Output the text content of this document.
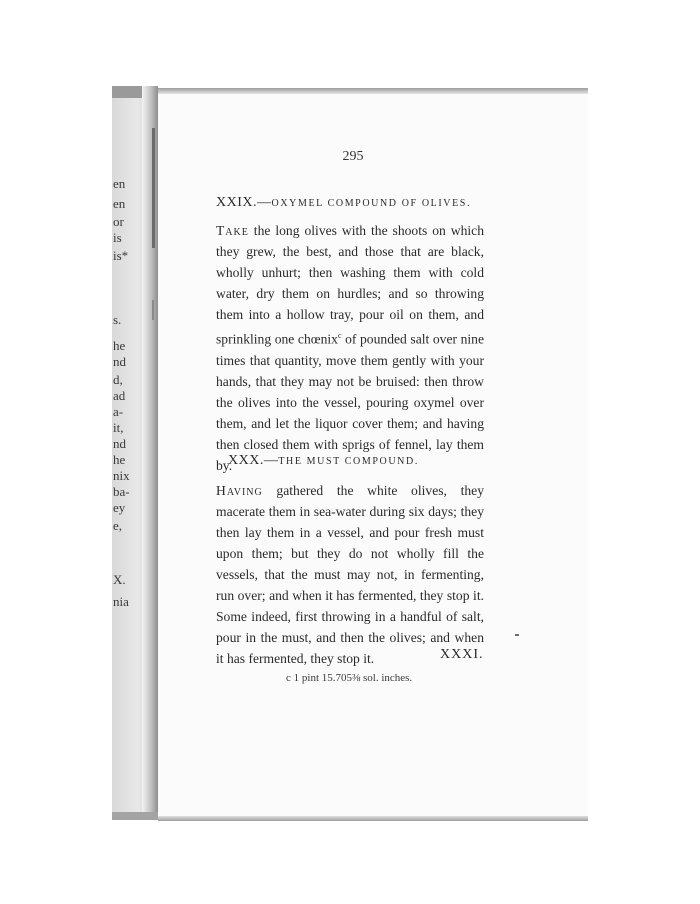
en
en
or
is
is*
s.
he
nd
d,
ad
a-
it,
nd
he
nix
ba-
ey
e,
X.
nia
295
XXIX.—OXYMEL COMPOUND OF OLIVES.
Take the long olives with the shoots on which they grew, the best, and those that are black, wholly unhurt; then washing them with cold water, dry them on hurdles; and so throwing them into a hollow tray, pour oil on them, and sprinkling one chœnix$^c$ of pounded salt over nine times that quantity, move them gently with your hands, that they may not be bruised: then throw the olives into the vessel, pouring oxymel over them, and let the liquor cover them; and having then closed them with sprigs of fennel, lay them by.
XXX.—THE MUST COMPOUND.
Having gathered the white olives, they macerate them in sea-water during six days; they then lay them in a vessel, and pour fresh must upon them; but they do not wholly fill the vessels, that the must may not, in fermenting, run over; and when it has fermented, they stop it. Some indeed, first throwing in a handful of salt, pour in the must, and then the olives; and when it has fermented, they stop it.	XXXI.
c 1 pint 15.705⅜ sol. inches.
